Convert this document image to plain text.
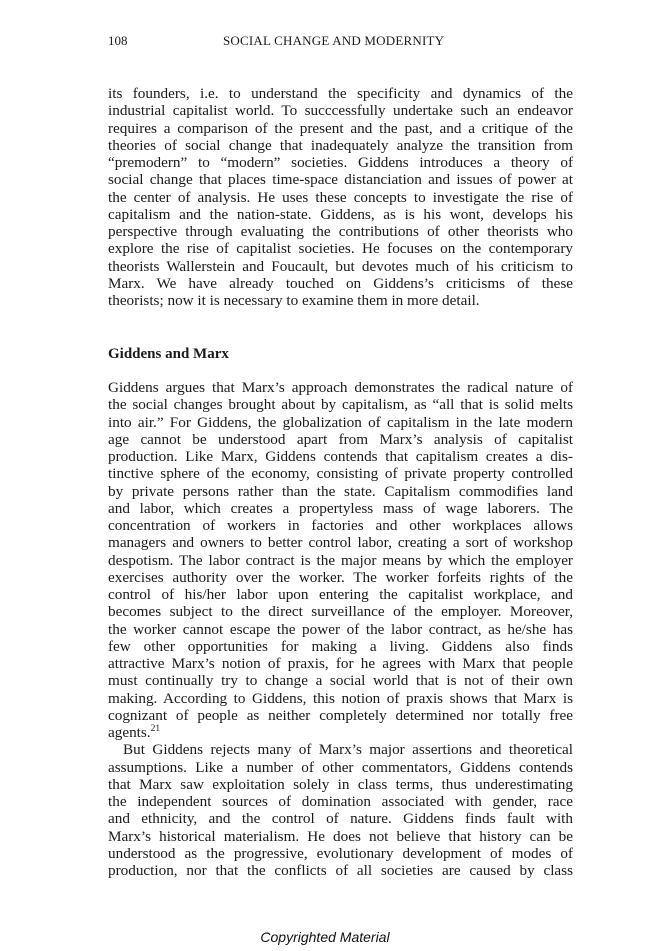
108	SOCIAL CHANGE AND MODERNITY
its founders, i.e. to understand the specificity and dynamics of the
industrial capitalist world. To succcessfully undertake such an endeavor
requires a comparison of the present and the past, and a critique of the
theories of social change that inadequately analyze the transition from
“premodern” to “modern” societies. Giddens introduces a theory of
social change that places time-space distanciation and issues of power at
the center of analysis. He uses these concepts to investigate the rise of
capitalism and the nation-state. Giddens, as is his wont, develops his
perspective through evaluating the contributions of other theorists who
explore the rise of capitalist societies. He focuses on the contemporary
theorists Wallerstein and Foucault, but devotes much of his criticism to
Marx. We have already touched on Giddens’s criticisms of these
theorists; now it is necessary to examine them in more detail.
Giddens and Marx
Giddens argues that Marx’s approach demonstrates the radical nature of
the social changes brought about by capitalism, as “all that is solid melts
into air.” For Giddens, the globalization of capitalism in the late modern
age cannot be understood apart from Marx’s analysis of capitalist
production. Like Marx, Giddens contends that capitalism creates a dis-
tinctive sphere of the economy, consisting of private property controlled
by private persons rather than the state. Capitalism commodifies land
and labor, which creates a propertyless mass of wage laborers. The
concentration of workers in factories and other workplaces allows
managers and owners to better control labor, creating a sort of workshop
despotism. The labor contract is the major means by which the employer
exercises authority over the worker. The worker forfeits rights of the
control of his/her labor upon entering the capitalist workplace, and
becomes subject to the direct surveillance of the employer. Moreover,
the worker cannot escape the power of the labor contract, as he/she has
few other opportunities for making a living. Giddens also finds
attractive Marx’s notion of praxis, for he agrees with Marx that people
must continually try to change a social world that is not of their own
making. According to Giddens, this notion of praxis shows that Marx is
cognizant of people as neither completely determined nor totally free
agents.$^{21}$
But Giddens rejects many of Marx’s major assertions and theoretical
assumptions. Like a number of other commentators, Giddens contends
that Marx saw exploitation solely in class terms, thus underestimating
the independent sources of domination associated with gender, race
and ethnicity, and the control of nature. Giddens finds fault with
Marx’s historical materialism. He does not believe that history can be
understood as the progressive, evolutionary development of modes of
production, nor that the conflicts of all societies are caused by class
Copyrighted Material
